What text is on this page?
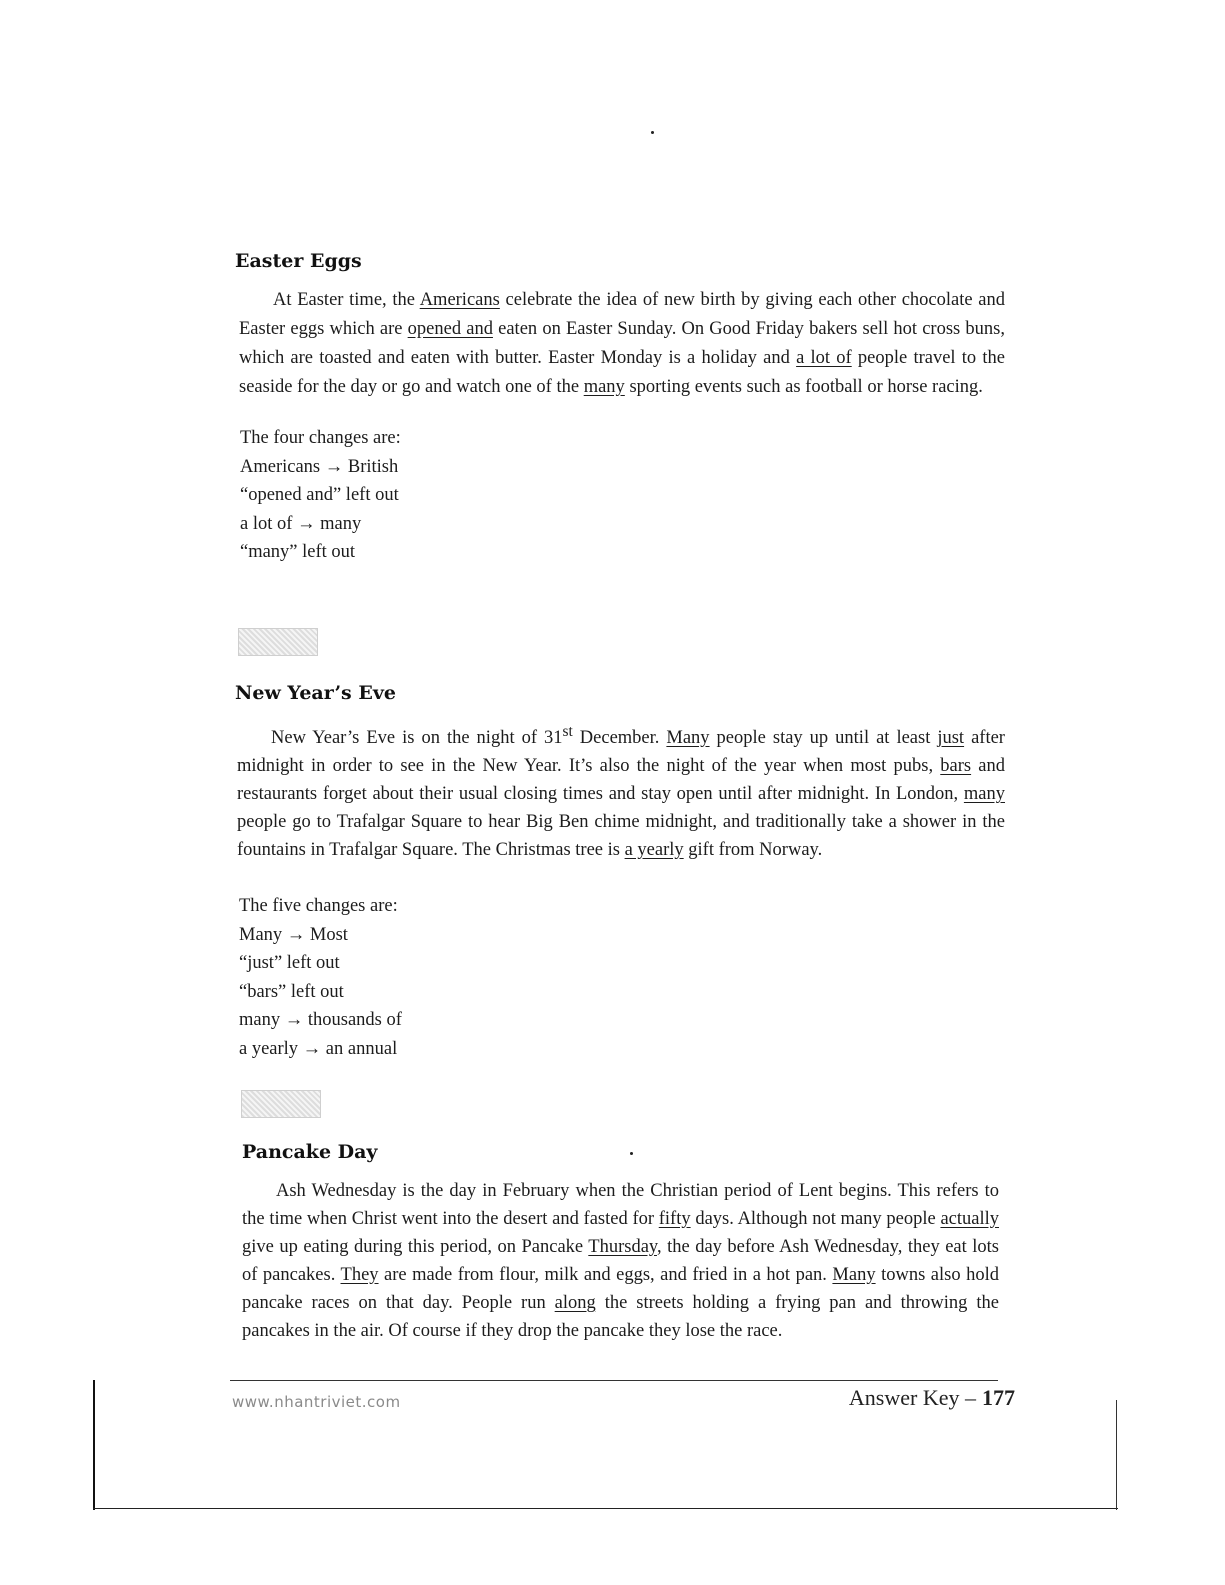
Easter Eggs

At Easter time, the Americans celebrate the idea of new birth by giving each other chocolate and Easter eggs which are opened and eaten on Easter Sunday. On Good Friday bakers sell hot cross buns, which are toasted and eaten with butter. Easter Monday is a holiday and a lot of people travel to the seaside for the day or go and watch one of the many sporting events such as football or horse racing.

The four changes are:
Americans → British
“opened and” left out
a lot of → many
“many” left out
New Year’s Eve

New Year’s Eve is on the night of 31st December. Many people stay up until at least just after midnight in order to see in the New Year. It’s also the night of the year when most pubs, bars and restaurants forget about their usual closing times and stay open until after midnight. In London, many people go to Trafalgar Square to hear Big Ben chime midnight, and traditionally take a shower in the fountains in Trafalgar Square. The Christmas tree is a yearly gift from Norway.

The five changes are:
Many → Most
“just” left out
“bars” left out
many → thousands of
a yearly → an annual
Pancake Day

Ash Wednesday is the day in February when the Christian period of Lent begins. This refers to the time when Christ went into the desert and fasted for fifty days. Although not many people actually give up eating during this period, on Pancake Thursday, the day before Ash Wednesday, they eat lots of pancakes. They are made from flour, milk and eggs, and fried in a hot pan. Many towns also hold pancake races on that day. People run along the streets holding a frying pan and throwing the pancakes in the air. Of course if they drop the pancake they lose the race.

www.nhantriviet.com	Answer Key – 177
